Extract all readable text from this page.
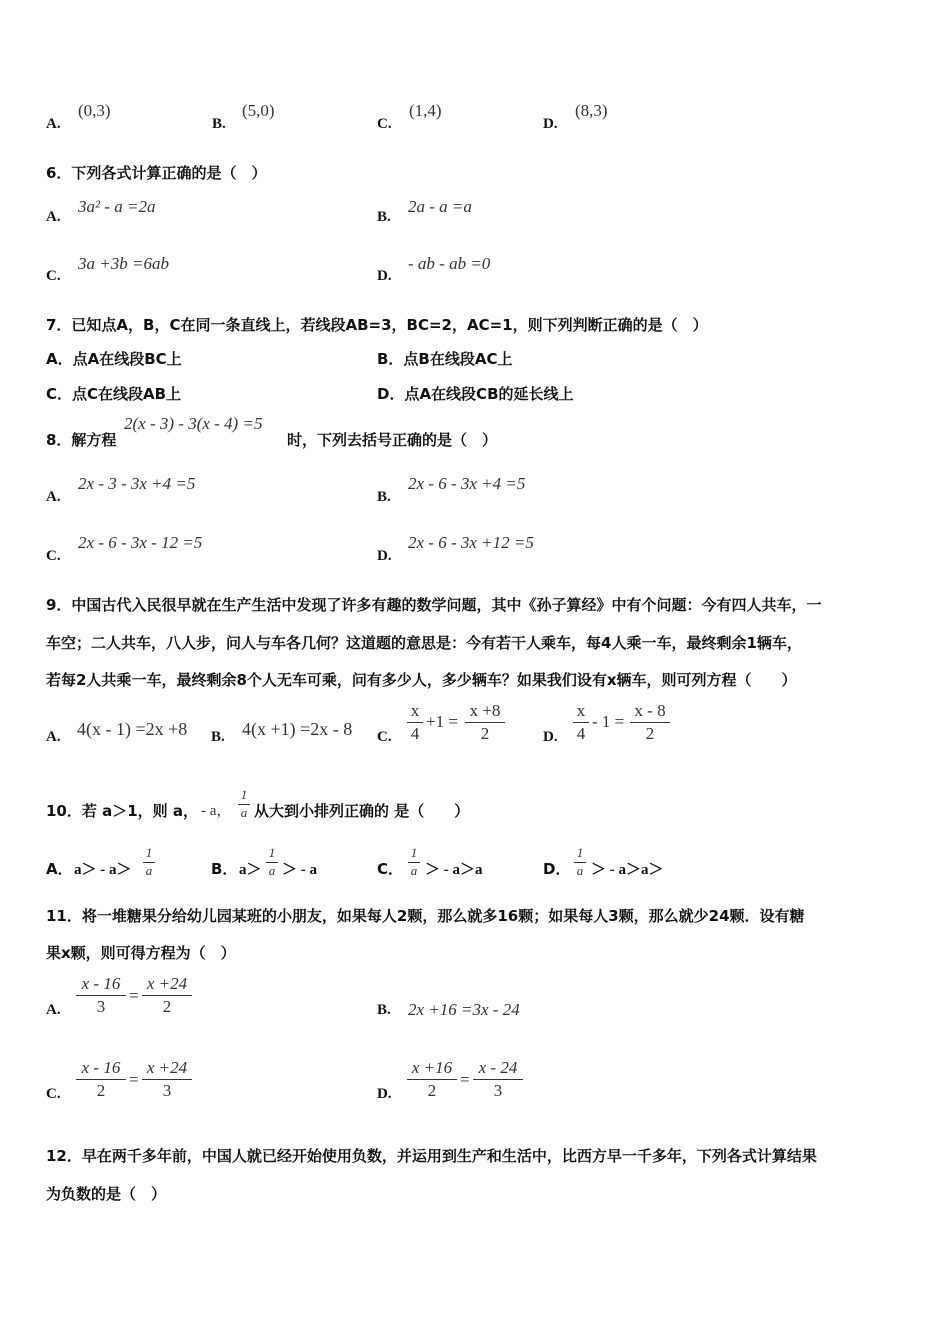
A.
(0,3)
B.
(5,0)
C.
(1,4)
D.
(8,3)
6．下列各式计算正确的是（　）
A.
3a² - a =2a
B.
2a - a =a
C.
3a +3b =6ab
D.
- ab - ab =0
7．已知点A，B，C在同一条直线上，若线段AB=3，BC=2，AC=1，则下列判断正确的是（　）
A．点A在线段BC上	B．点B在线段AC上
C．点C在线段AB上	D．点A在线段CB的延长线上
8．解方程
2(x - 3) - 3(x - 4) =5
时，下列去括号正确的是（　）
A.
2x - 3 - 3x +4 =5
B.
2x - 6 - 3x +4 =5
C.
2x - 6 - 3x - 12 =5
D.
2x - 6 - 3x +12 =5
9．中国古代入民很早就在生产生活中发现了许多有趣的数学问题，其中《孙子算经》中有个问题：今有四人共车，一
车空；二人共车，八人步，问人与车各几何？这道题的意思是：今有若干人乘车，每4人乘一车，最终剩余1辆车，
若每2人共乘一车，最终剩余8个人无车可乘，问有多少人，多少辆车？如果我们设有x辆车，则可列方程（　　）
A. 4(x - 1) =2x +8 B. 4(x +1) =2x - 8 C.
x
4
+1 =
x +8
2	D.
x
4
- 1 =
x - 8
2
10．若 a＞1，则 a， - a，
1
a 从大到小排列正确的 是（　　）
A． a＞ - a＞
1
a	B． a＞
1
a ＞ - a	C．
1
a ＞ - a＞a	D．
1
a ＞ - a＞a＞
11．将一堆糖果分给幼儿园某班的小朋友，如果每人2颗，那么就多16颗；如果每人3颗，那么就少24颗．设有糖
果x颗，则可得方程为（　）
A.
x - 16
3
=
x +24
2	B. 2x +16 =3x - 24
C.
x - 16
2
=
x +24
3	D.
x +16
2
=
x - 24
3
12．早在两千多年前，中国人就已经开始使用负数，并运用到生产和生活中，比西方早一千多年，下列各式计算结果
为负数的是（　）
